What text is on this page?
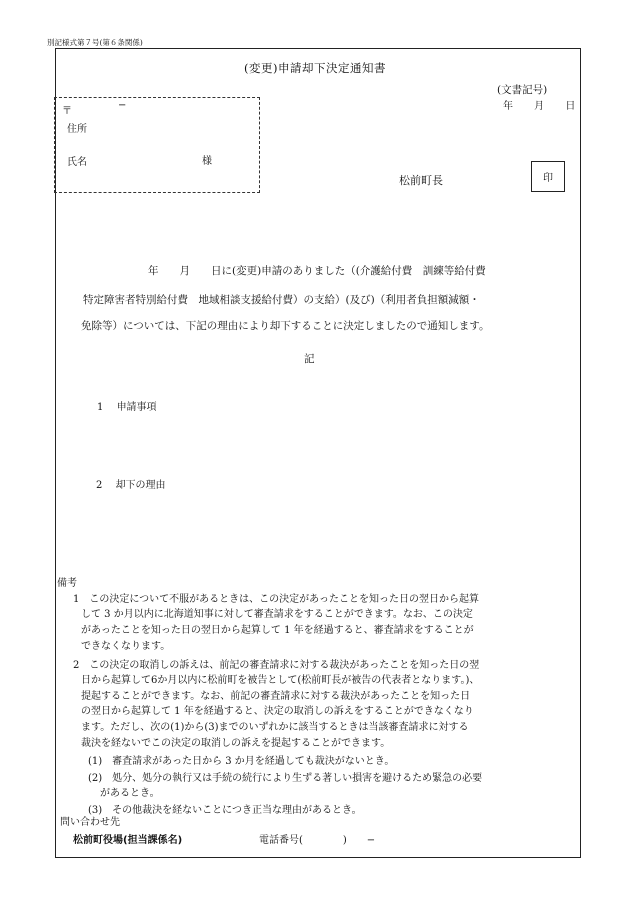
別記様式第７号(第６条関係)
(変更)申請却下決定通知書
(文書記号)
年 月 日
〒
−
住所
氏名	様
松前町長	印
年　　月　　日に(変更)申請のありました（(介護給付費　訓練等給付費
特定障害者特別給付費　地域相談支援給付費）の支給）(及び)（利用者負担額減額・
免除等）については、下記の理由により却下することに決定しましたので通知します。
記
1　 申請事項
2　 却下の理由
備考
1　この決定について不服があるときは、この決定があったことを知った日の翌日から起算
して 3 か月以内に北海道知事に対して審査請求をすることができます。なお、この決定
があったことを知った日の翌日から起算して 1 年を経過すると、審査請求をすることが
できなくなります。
2　この決定の取消しの訴えは、前記の審査請求に対する裁決があったことを知った日の翌
日から起算して6か月以内に松前町を被告として(松前町長が被告の代表者となります。)、
提起することができます。なお、前記の審査請求に対する裁決があったことを知った日
の翌日から起算して 1 年を経過すると、決定の取消しの訴えをすることができなくなり
ます。ただし、次の(1)から(3)までのいずれかに該当するときは当該審査請求に対する
裁決を経ないでこの決定の取消しの訴えを提起することができます。
(1)　審査請求があった日から 3 か月を経過しても裁決がないとき。
(2)　処分、処分の執行又は手続の続行により生ずる著しい損害を避けるため緊急の必要
があるとき。
(3)　その他裁決を経ないことにつき正当な理由があるとき。
問い合わせ先
松前町役場(担当課係名)	電話番号(　　　　)　　−
